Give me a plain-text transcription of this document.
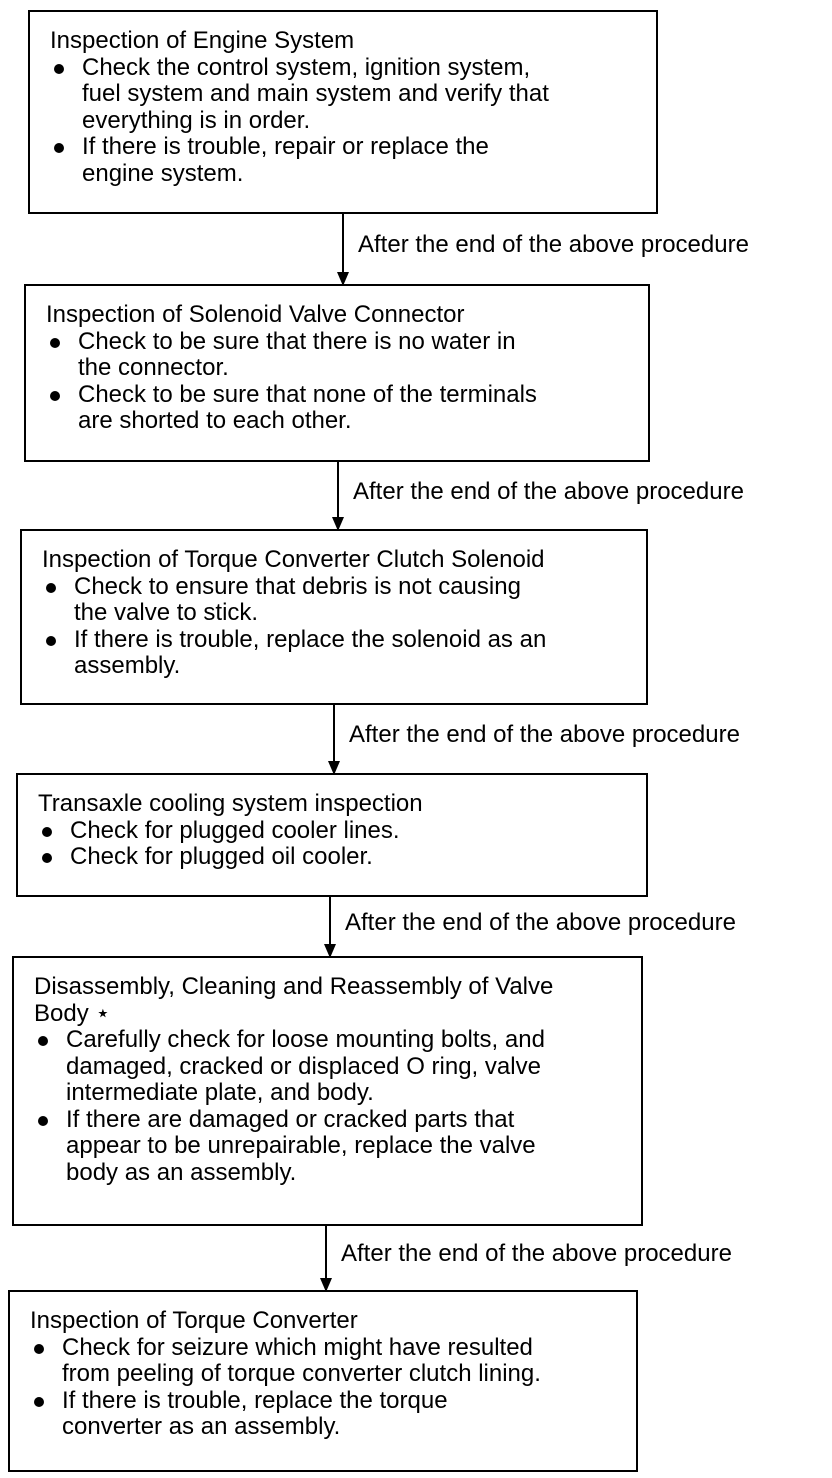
Inspection of Engine System
Check the control system, ignition system,
fuel system and main system and verify that
everything is in order.
If there is trouble, repair or replace the
engine system.
Inspection of Solenoid Valve Connector
Check to be sure that there is no water in
the connector.
Check to be sure that none of the terminals
are shorted to each other.
Inspection of Torque Converter Clutch Solenoid
Check to ensure that debris is not causing
the valve to stick.
If there is trouble, replace the solenoid as an
assembly.
Transaxle cooling system inspection
Check for plugged cooler lines.
Check for plugged oil cooler.
Disassembly, Cleaning and Reassembly of Valve
Body ⋆
Carefully check for loose mounting bolts, and
damaged, cracked or displaced O ring, valve
intermediate plate, and body.
If there are damaged or cracked parts that
appear to be unrepairable, replace the valve
body as an assembly.
Inspection of Torque Converter
Check for seizure which might have resulted
from peeling of torque converter clutch lining.
If there is trouble, replace the torque
converter as an assembly.
After the end of the above procedure
After the end of the above procedure
After the end of the above procedure
After the end of the above procedure
After the end of the above procedure
